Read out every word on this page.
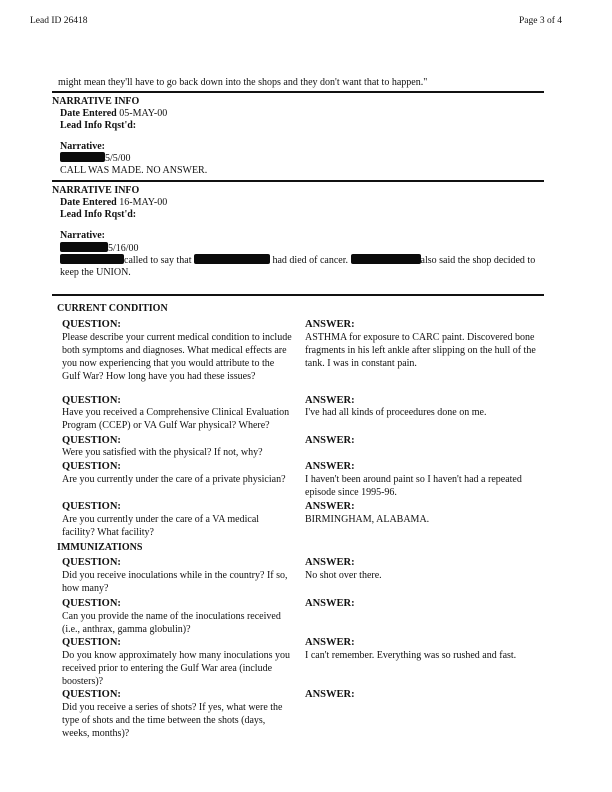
Lead ID 26418	Page 3 of 4
might mean they'll have to go back down into the shops and they don't want that to happen."
NARRATIVE INFO
Date Entered 05-MAY-00
Lead Info Rqst'd:
Narrative:
5/5/00
CALL WAS MADE. NO ANSWER.
NARRATIVE INFO
Date Entered 16-MAY-00
Lead Info Rqst'd:
Narrative:
5/16/00
called to say that	had died of cancer.	also said the shop decided to
keep the UNION.
CURRENT CONDITION
QUESTION:	ANSWER:
Please describe your current medical condition to include both symptoms and diagnoses. What medical effects are you now experiencing that you would attribute to the Gulf War? How long have you had these issues?
ASTHMA for exposure to CARC paint. Discovered bone fragments in his left ankle after slipping on the hull of the tank. I was in constant pain.
QUESTION:	ANSWER:
Have you received a Comprehensive Clinical Evaluation Program (CCEP) or VA Gulf War physical? Where?
I've had all kinds of proceedures done on me.
QUESTION:	ANSWER:
Were you satisfied with the physical? If not, why?
QUESTION:	ANSWER:
Are you currently under the care of a private physician?	I haven't been around paint so I haven't had a repeated episode since 1995-96.
QUESTION:	ANSWER:
Are you currently under the care of a VA medical facility? What facility?
BIRMINGHAM, ALABAMA.
IMMUNIZATIONS
QUESTION:	ANSWER:
Did you receive inoculations while in the country? If so, how many?
No shot over there.
QUESTION:	ANSWER:
Can you provide the name of the inoculations received (i.e., anthrax, gamma globulin)?
QUESTION:	ANSWER:
Do you know approximately how many inoculations you received prior to entering the Gulf War area (include boosters)?
I can't remember. Everything was so rushed and fast.
QUESTION:	ANSWER:
Did you receive a series of shots? If yes, what were the type of shots and the time between the shots (days, weeks, months)?
